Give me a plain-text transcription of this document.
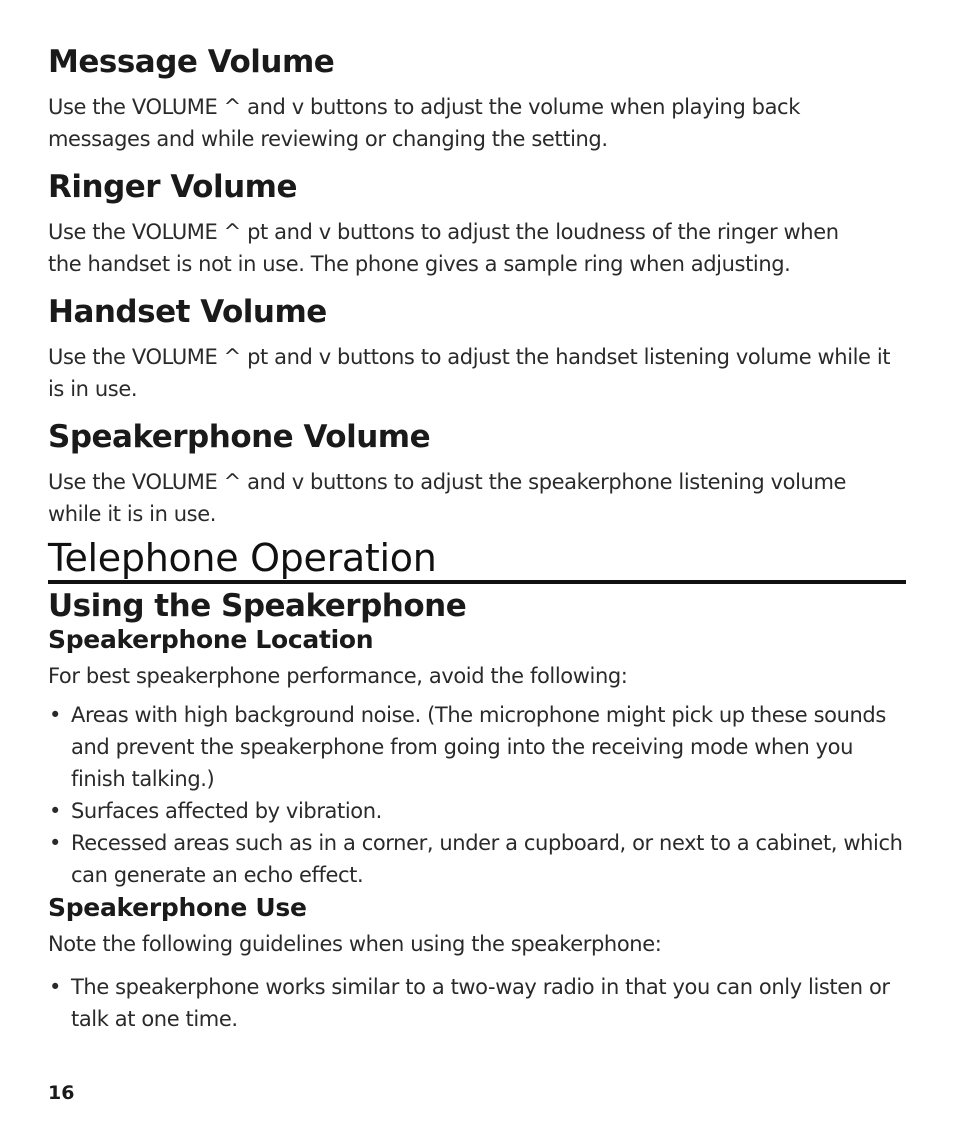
Message Volume

Use the VOLUME ^ and v buttons to adjust the volume when playing back messages and while reviewing or changing the setting.

Ringer Volume

Use the VOLUME ^ pt and v buttons to adjust the loudness of the ringer when the handset is not in use. The phone gives a sample ring when adjusting.

Handset Volume

Use the VOLUME ^ pt and v buttons to adjust the handset listening volume while it is in use.

Speakerphone Volume

Use the VOLUME ^ and v buttons to adjust the speakerphone listening volume while it is in use.

Telephone Operation
Using the Speakerphone
Speakerphone Location

For best speakerphone performance, avoid the following:

• Areas with high background noise. (The microphone might pick up these sounds and prevent the speakerphone from going into the receiving mode when you finish talking.)
• Surfaces affected by vibration.
• Recessed areas such as in a corner, under a cupboard, or next to a cabinet, which can generate an echo effect.
Speakerphone Use

Note the following guidelines when using the speakerphone:

• The speakerphone works similar to a two-way radio in that you can only listen or talk at one time.
16
